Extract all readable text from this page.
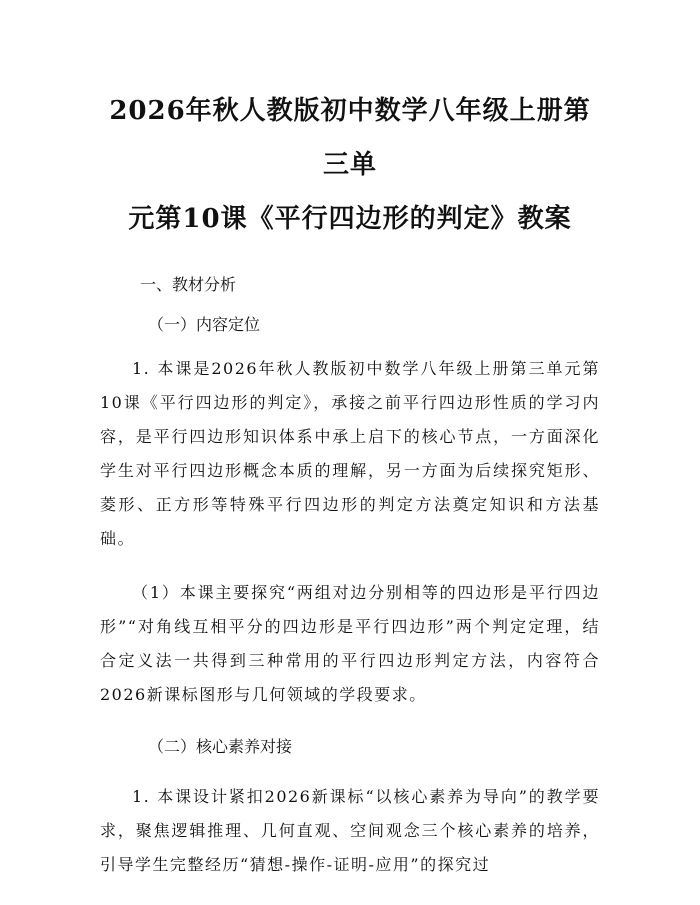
2026年秋人教版初中数学八年级上册第三单
元第10课《平行四边形的判定》教案

一、教材分析

（一）内容定位

1. 本课是2026年秋人教版初中数学八年级上册第三单元第10课《平行四边形的判定》，承接之前平行四边形性质的学习内容，是平行四边形知识体系中承上启下的核心节点，一方面深化学生对平行四边形概念本质的理解，另一方面为后续探究矩形、菱形、正方形等特殊平行四边形的判定方法奠定知识和方法基础。

（1）本课主要探究“两组对边分别相等的四边形是平行四边形”“对角线互相平分的四边形是平行四边形”两个判定定理，结合定义法一共得到三种常用的平行四边形判定方法，内容符合2026新课标图形与几何领域的学段要求。

（二）核心素养对接

1. 本课设计紧扣2026新课标“以核心素养为导向”的教学要求，聚焦逻辑推理、几何直观、空间观念三个核心素养的培养，引导学生完整经历“猜想-操作-证明-应用”的探究过
